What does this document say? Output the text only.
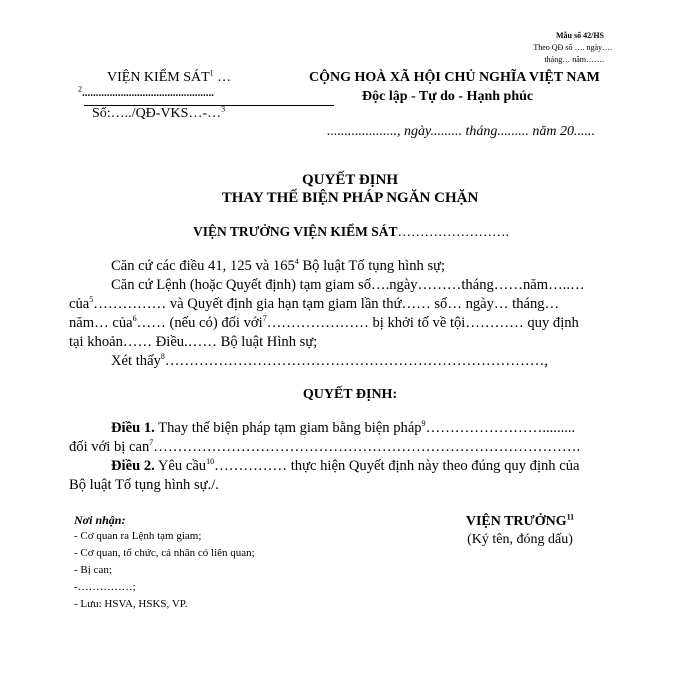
Mẫu số 42/HS
Theo QĐ số …. ngày….
tháng… năm…….
VIỆN KIỂM SÁT$^1$ …
$^2$................................................
Số:…../QĐ-VKS…-…$^3$
CỘNG HOÀ XÃ HỘI CHỦ NGHĨA VIỆT NAM
Độc lập - Tự do - Hạnh phúc
...................., ngày......... tháng......... năm 20......
QUYẾT ĐỊNH
THAY THẾ BIỆN PHÁP NGĂN CHẶN
VIỆN TRƯỞNG VIỆN KIỂM SÁT…………………….
Căn cứ các điều 41, 125 và $165^4$ Bộ luật Tố tụng hình sự;
Căn cứ Lệnh (hoặc Quyết định) tạm giam số….ngày………tháng……năm…..…
của$^5$…………… và Quyết định gia hạn tạm giam lần thứ…… số… ngày… tháng…
năm… của$^6$…… (nếu có) đối với$^7$………………… bị khởi tố về tội………… quy định
tại khoản…… Điều.…… Bộ luật Hình sự;
Xét thấy$^8$……………………………………………………………………,
QUYẾT ĐỊNH:
Điều 1. Thay thế biện pháp tạm giam bằng biện pháp$^9$…………………….........
đối với bị can$^7$…………………………………………………………………………….
Điều 2. Yêu cầu$^{10}$…………… thực hiện Quyết định này theo đúng quy định của
Bộ luật Tố tụng hình sự./.
Nơi nhận:
- Cơ quan ra Lệnh tạm giam;
- Cơ quan, tổ chức, cá nhân có liên quan;
- Bị can;
-……………;
- Lưu: HSVA, HSKS, VP.
VIỆN TRƯỞNG$^{11}$
(Ký tên, đóng dấu)
